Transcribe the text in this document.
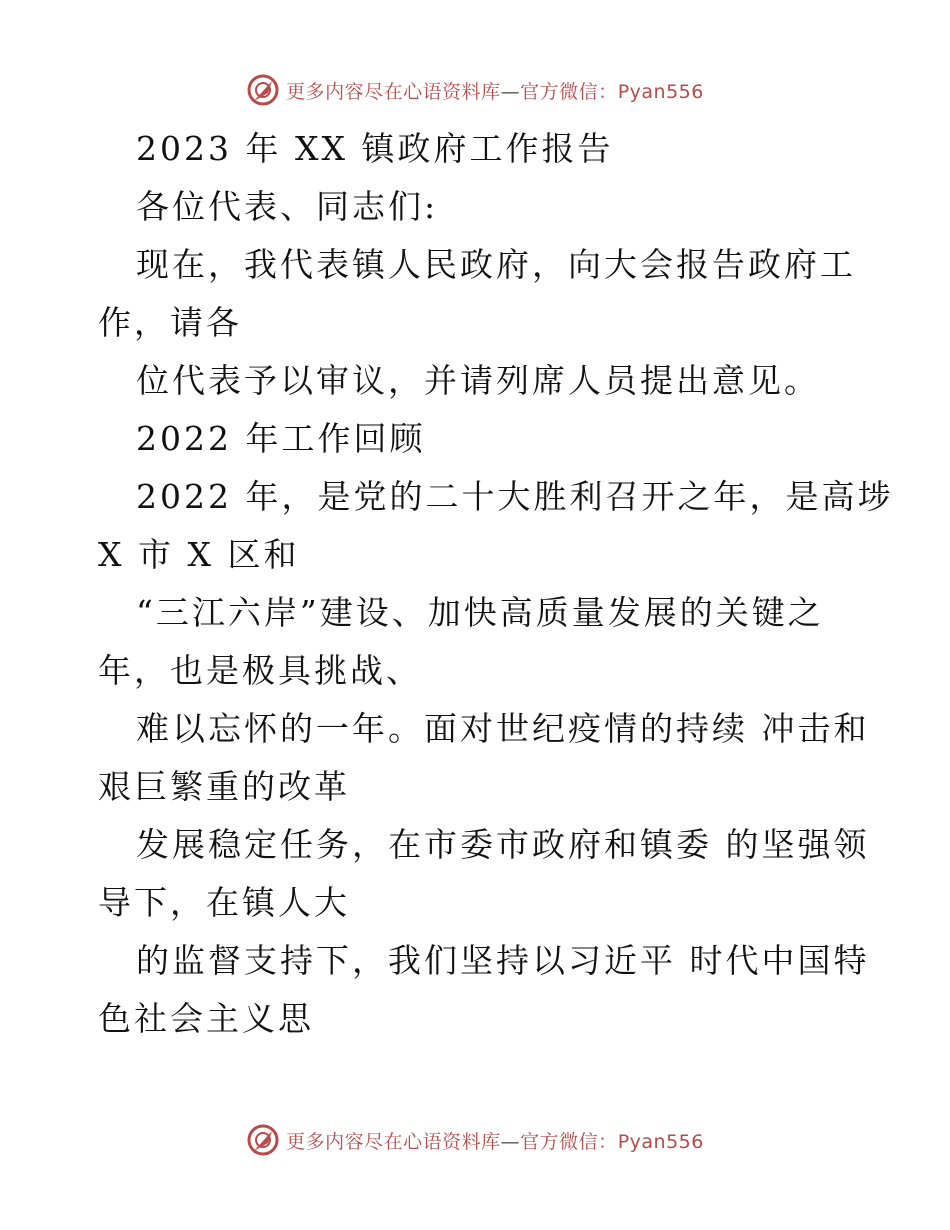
更多内容尽在心语资料库—官方微信：Pyan556
2023 年 XX 镇政府工作报告
各位代表、同志们:
现在，我代表镇人民政府，向大会报告政府工
作，请各
位代表予以审议，并请列席人员提出意见。
2022 年工作回顾
2022 年，是党的二十大胜利召开之年，是高埗
X 市 X 区和
“三江六岸”建设、加快高质量发展的关键之
年，也是极具挑战、
难以忘怀的一年。面对世纪疫情的持续 冲击和
艰巨繁重的改革
发展稳定任务，在市委市政府和镇委 的坚强领
导下，在镇人大
的监督支持下，我们坚持以习近平 时代中国特
色社会主义思
更多内容尽在心语资料库—官方微信：Pyan556
